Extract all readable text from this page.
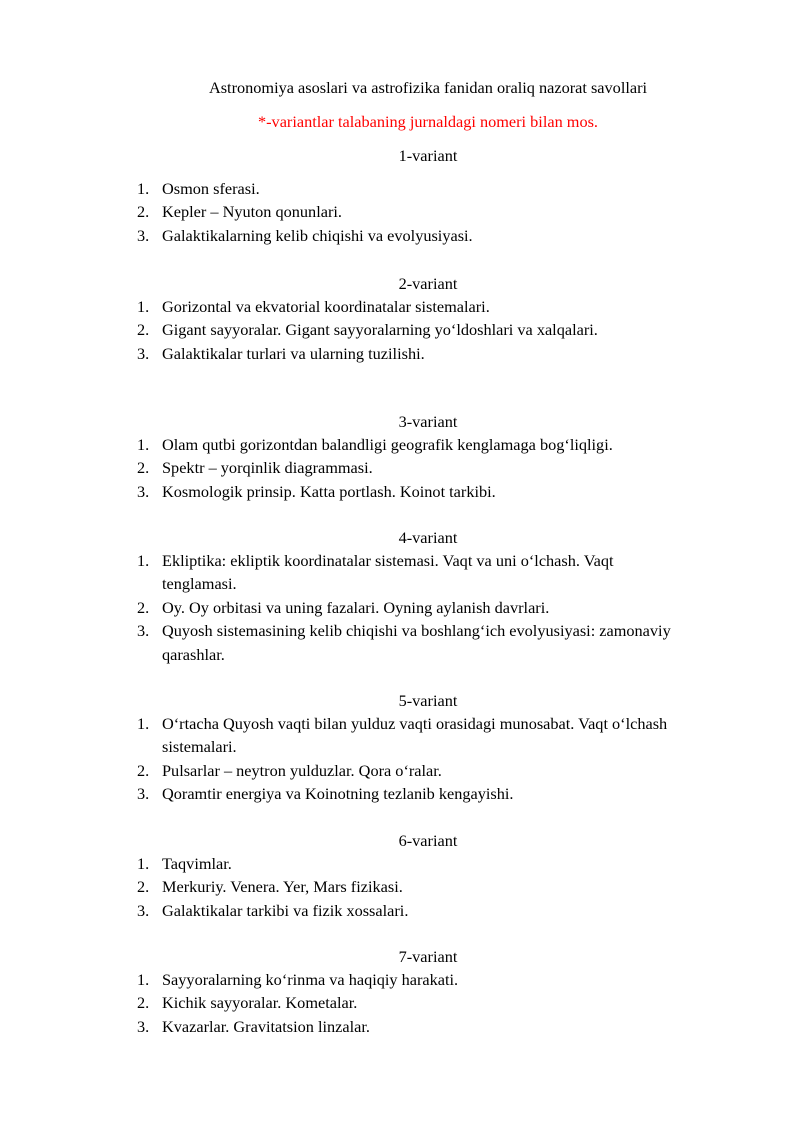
Astronomiya asoslari va astrofizika fanidan oraliq nazorat savollari
*-variantlar talabaning jurnaldagi nomeri bilan mos.
1-variant
1. Osmon sferasi.
2. Kepler – Nyuton qonunlari.
3. Galaktikalarning kelib chiqishi va evolyusiyasi.
2-variant
1. Gorizontal va ekvatorial koordinatalar sistemalari.
2. Gigant sayyoralar. Gigant sayyoralarning yo‘ldoshlari va xalqalari.
3. Galaktikalar turlari va ularning tuzilishi.
3-variant
1. Olam qutbi gorizontdan balandligi geografik kenglamaga bog‘liqligi.
2. Spektr – yorqinlik diagrammasi.
3. Kosmologik prinsip. Katta portlash. Koinot tarkibi.
4-variant
1. Ekliptika: ekliptik koordinatalar sistemasi. Vaqt va uni o‘lchash. Vaqt tenglamasi.
2. Oy. Oy orbitasi va uning fazalari. Oyning aylanish davrlari.
3. Quyosh sistemasining kelib chiqishi va boshlang‘ich evolyusiyasi: zamonaviy qarashlar.
5-variant
1. O‘rtacha Quyosh vaqti bilan yulduz vaqti orasidagi munosabat. Vaqt o‘lchash sistemalari.
2. Pulsarlar – neytron yulduzlar. Qora o‘ralar.
3. Qoramtir energiya va Koinotning tezlanib kengayishi.
6-variant
1. Taqvimlar.
2. Merkuriy. Venera. Yer, Mars fizikasi.
3. Galaktikalar tarkibi va fizik xossalari.
7-variant
1. Sayyoralarning ko‘rinma va haqiqiy harakati.
2. Kichik sayyoralar. Kometalar.
3. Kvazarlar. Gravitatsion linzalar.
